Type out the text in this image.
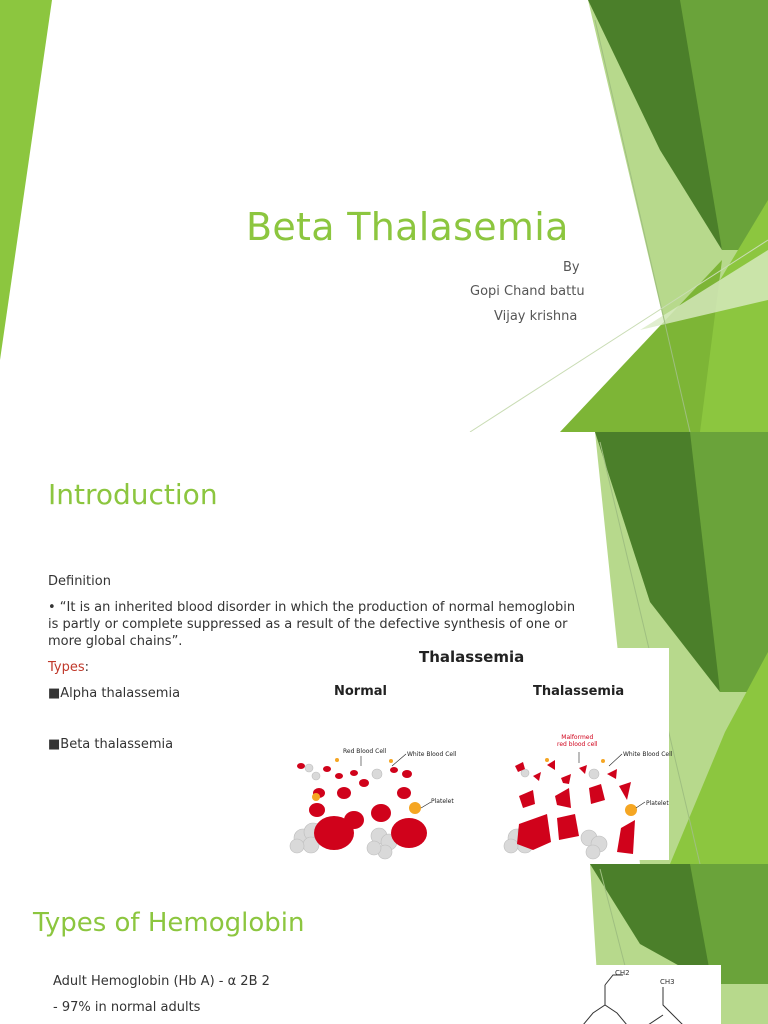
Beta Thalasemia
By
Gopi Chand battu
Vijay krishna
Introduction
Definition
• “It is an inherited blood disorder in which the production of normal hemoglobin is partly or complete suppressed as a result of the defective synthesis of one or more global chains”.
Types:
■Alpha thalassemia
■Beta thalassemia
Thalassemia
Normal	Thalassemia
Red Blood Cell	White Blood Cell
Platelet
Malformed
red blood cell
White Blood Cell
Platelet
Types of Hemoglobin
Adult Hemoglobin (Hb A) - α 2B 2
- 97% in normal adults
CH2
CH3
